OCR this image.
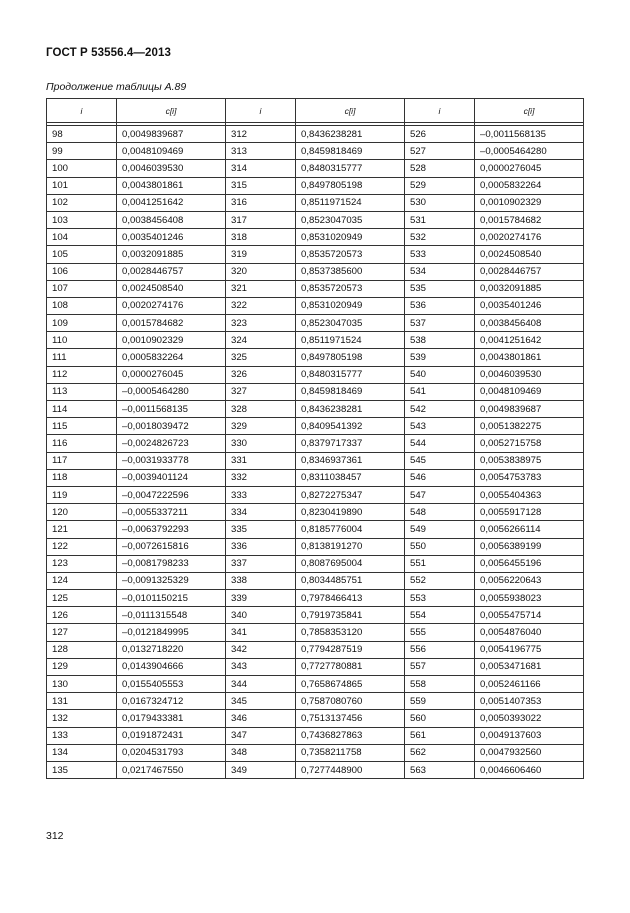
ГОСТ Р 53556.4—2013
Продолжение таблицы А.89
i	c[i]	i	c[i]	i	c[i]

98	0,0049839687	312	0,8436238281	526	–0,0011568135
99	0,0048109469	313	0,8459818469	527	–0,0005464280
100	0,0046039530	314	0,8480315777	528	0,0000276045
101	0,0043801861	315	0,8497805198	529	0,0005832264
102	0,0041251642	316	0,8511971524	530	0,0010902329
103	0,0038456408	317	0,8523047035	531	0,0015784682
104	0,0035401246	318	0,8531020949	532	0,0020274176
105	0,0032091885	319	0,8535720573	533	0,0024508540
106	0,0028446757	320	0,8537385600	534	0,0028446757
107	0,0024508540	321	0,8535720573	535	0,0032091885
108	0,0020274176	322	0,8531020949	536	0,0035401246
109	0,0015784682	323	0,8523047035	537	0,0038456408
110	0,0010902329	324	0,8511971524	538	0,0041251642
111	0,0005832264	325	0,8497805198	539	0,0043801861
112	0,0000276045	326	0,8480315777	540	0,0046039530
113	–0,0005464280	327	0,8459818469	541	0,0048109469
114	–0,0011568135	328	0,8436238281	542	0,0049839687
115	–0,0018039472	329	0,8409541392	543	0,0051382275
116	–0,0024826723	330	0,8379717337	544	0,0052715758
117	–0,0031933778	331	0,8346937361	545	0,0053838975
118	–0,0039401124	332	0,8311038457	546	0,0054753783
119	–0,0047222596	333	0,8272275347	547	0,0055404363
120	–0,0055337211	334	0,8230419890	548	0,0055917128
121	–0,0063792293	335	0,8185776004	549	0,0056266114
122	–0,0072615816	336	0,8138191270	550	0,0056389199
123	–0,0081798233	337	0,8087695004	551	0,0056455196
124	–0,0091325329	338	0,8034485751	552	0,0056220643
125	–0,0101150215	339	0,7978466413	553	0,0055938023
126	–0,0111315548	340	0,7919735841	554	0,0055475714
127	–0,0121849995	341	0,7858353120	555	0,0054876040
128	0,0132718220	342	0,7794287519	556	0,0054196775
129	0,0143904666	343	0,7727780881	557	0,0053471681
130	0,0155405553	344	0,7658674865	558	0,0052461166
131	0,0167324712	345	0,7587080760	559	0,0051407353
132	0,0179433381	346	0,7513137456	560	0,0050393022
133	0,0191872431	347	0,7436827863	561	0,0049137603
134	0,0204531793	348	0,7358211758	562	0,0047932560
135	0,0217467550	349	0,7277448900	563	0,0046606460
312
